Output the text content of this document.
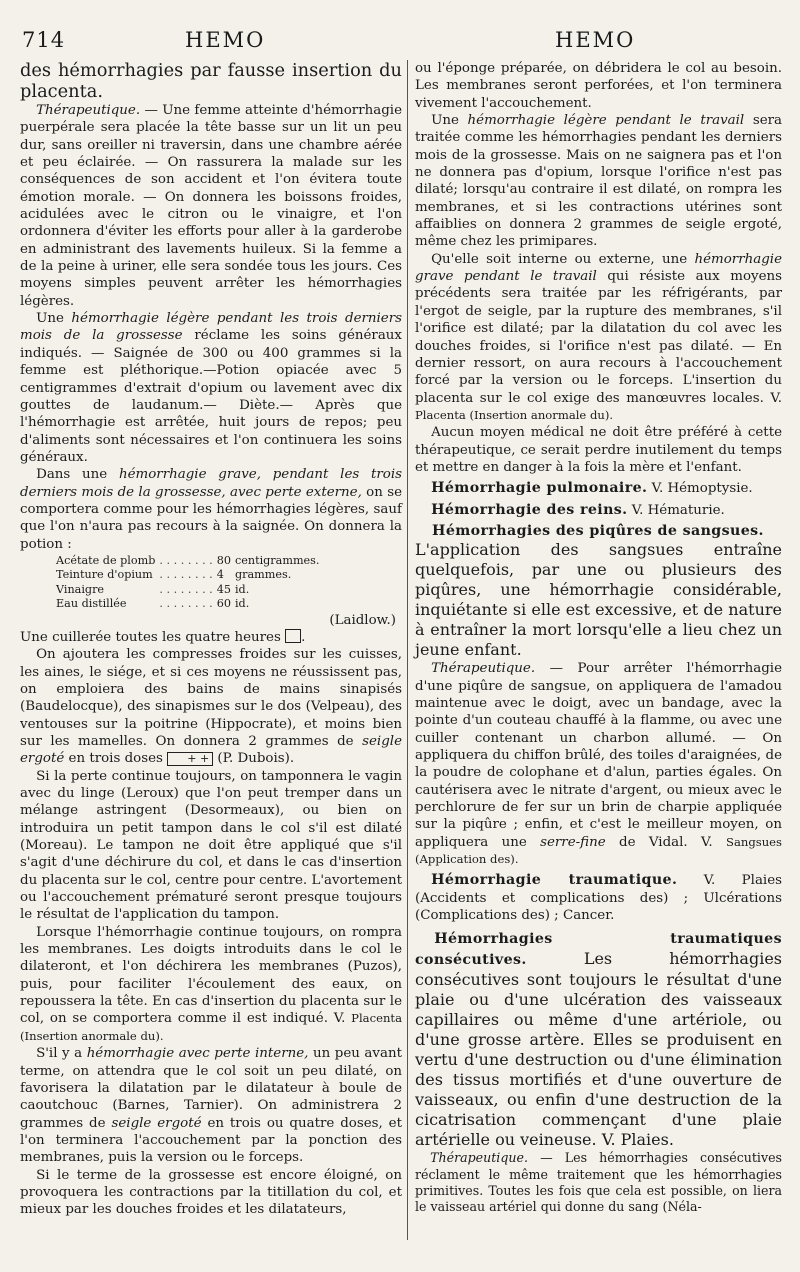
714	HEMO	HEMO

des hémorrhagies par fausse insertion du placenta.

Thérapeutique. — Une femme atteinte d'hémorrhagie puerpérale sera placée la tête basse sur un lit un peu dur, sans oreiller ni traversin, dans une chambre aérée et peu éclairée. — On rassurera la malade sur les conséquences de son accident et l'on évitera toute émotion morale. — On donnera les boissons froides, acidulées avec le citron ou le vinaigre, et l'on ordonnera d'éviter les efforts pour aller à la garderobe en administrant des lavements huileux. Si la femme a de la peine à uriner, elle sera sondée tous les jours. Ces moyens simples peuvent arrêter les hémorrhagies légères.

Une hémorrhagie légère pendant les trois derniers mois de la grossesse réclame les soins généraux indiqués. — Saignée de 300 ou 400 grammes si la femme est pléthorique.—Potion opiacée avec 5 centigrammes d'extrait d'opium ou lavement avec dix gouttes de laudanum.— Diète.— Après que l'hémorrhagie est arrêtée, huit jours de repos; peu d'aliments sont nécessaires et l'on continuera les soins généraux.

Dans une hémorrhagie grave, pendant les trois derniers mois de la grossesse, avec perte externe, on se comportera comme pour les hémorrhagies légères, sauf que l'on n'aura pas recours à la saignée. On donnera la potion :

Acétate de plomb	. . . . . . . .	80	centigrammes.
Teinture d'opium	. . . . . . . .	4	grammes.
Vinaigre	. . . . . . . .	45	id.
Eau distillée	. . . . . . . .	60	id.

(Laidlow.)

Une cuillerée toutes les quatre heures .

On ajoutera les compresses froides sur les cuisses, les aines, le siége, et si ces moyens ne réussissent pas, on emploiera des bains de mains sinapisés (Baudelocque), des sinapismes sur le dos (Velpeau), des ventouses sur la poitrine (Hippocrate), et moins bien sur les mamelles. On donnera 2 grammes de seigle ergoté en trois doses + + (P. Dubois).

Si la perte continue toujours, on tamponnera le vagin avec du linge (Leroux) que l'on peut tremper dans un mélange astringent (Desormeaux), ou bien on introduira un petit tampon dans le col s'il est dilaté (Moreau). Le tampon ne doit être appliqué que s'il s'agit d'une déchirure du col, et dans le cas d'insertion du placenta sur le col, centre pour centre. L'avortement ou l'accouchement prématuré seront presque toujours le résultat de l'application du tampon.

Lorsque l'hémorrhagie continue toujours, on rompra les membranes. Les doigts introduits dans le col le dilateront, et l'on déchirera les membranes (Puzos), puis, pour faciliter l'écoulement des eaux, on repoussera la tête. En cas d'insertion du placenta sur le col, on se comportera comme il est indiqué. V. Placenta (Insertion anormale du).

S'il y a hémorrhagie avec perte interne, un peu avant terme, on attendra que le col soit un peu dilaté, on favorisera la dilatation par le dilatateur à boule de caoutchouc (Barnes, Tarnier). On administrera 2 grammes de seigle ergoté en trois ou quatre doses, et l'on terminera l'accouchement par la ponction des membranes, puis la version ou le forceps.

Si le terme de la grossesse est encore éloigné, on provoquera les contractions par la titillation du col, et mieux par les douches froides et les dilatateurs,

ou l'éponge préparée, on débridera le col au besoin. Les membranes seront perforées, et l'on terminera vivement l'accouchement.

Une hémorrhagie légère pendant le travail sera traitée comme les hémorrhagies pendant les derniers mois de la grossesse. Mais on ne saignera pas et l'on ne donnera pas d'opium, lorsque l'orifice n'est pas dilaté; lorsqu'au contraire il est dilaté, on rompra les membranes, et si les contractions utérines sont affaiblies on donnera 2 grammes de seigle ergoté, même chez les primipares.

Qu'elle soit interne ou externe, une hémorrhagie grave pendant le travail qui résiste aux moyens précédents sera traitée par les réfrigérants, par l'ergot de seigle, par la rupture des membranes, s'il l'orifice est dilaté; par la dilatation du col avec les douches froides, si l'orifice n'est pas dilaté. — En dernier ressort, on aura recours à l'accouchement forcé par la version ou le forceps. L'insertion du placenta sur le col exige des manœuvres locales. V. Placenta (Insertion anormale du).

Aucun moyen médical ne doit être préféré à cette thérapeutique, ce serait perdre inutilement du temps et mettre en danger à la fois la mère et l'enfant.

Hémorrhagie pulmonaire. V. Hémoptysie.

Hémorrhagie des reins. V. Hématurie.

Hémorrhagies des piqûres de sangsues.

L'application des sangsues entraîne quelquefois, par une ou plusieurs des piqûres, une hémorrhagie considérable, inquiétante si elle est excessive, et de nature à entraîner la mort lorsqu'elle a lieu chez un jeune enfant.

Thérapeutique. — Pour arrêter l'hémorrhagie d'une piqûre de sangsue, on appliquera de l'amadou maintenue avec le doigt, avec un bandage, avec la pointe d'un couteau chauffé à la flamme, ou avec une cuiller contenant un charbon allumé. — On appliquera du chiffon brûlé, des toiles d'araignées, de la poudre de colophane et d'alun, parties égales. On cautérisera avec le nitrate d'argent, ou mieux avec le perchlorure de fer sur un brin de charpie appliquée sur la piqûre ; enfin, et c'est le meilleur moyen, on appliquera une serre-fine de Vidal. V. Sangsues (Application des).

Hémorrhagie traumatique. V. Plaies (Accidents et complications des) ; Ulcérations (Complications des) ; Cancer.

Hémorrhagies traumatiques consécutives. Les hémorrhagies consécutives sont toujours le résultat d'une plaie ou d'une ulcération des vaisseaux capillaires ou même d'une artériole, ou d'une grosse artère. Elles se produisent en vertu d'une destruction ou d'une élimination des tissus mortifiés et d'une ouverture de vaisseaux, ou enfin d'une destruction de la cicatrisation commençant d'une plaie artérielle ou veineuse. V. Plaies.

Thérapeutique. — Les hémorrhagies consécutives réclament le même traitement que les hémorrhagies primitives. Toutes les fois que cela est possible, on liera le vaisseau artériel qui donne du sang (Néla-
